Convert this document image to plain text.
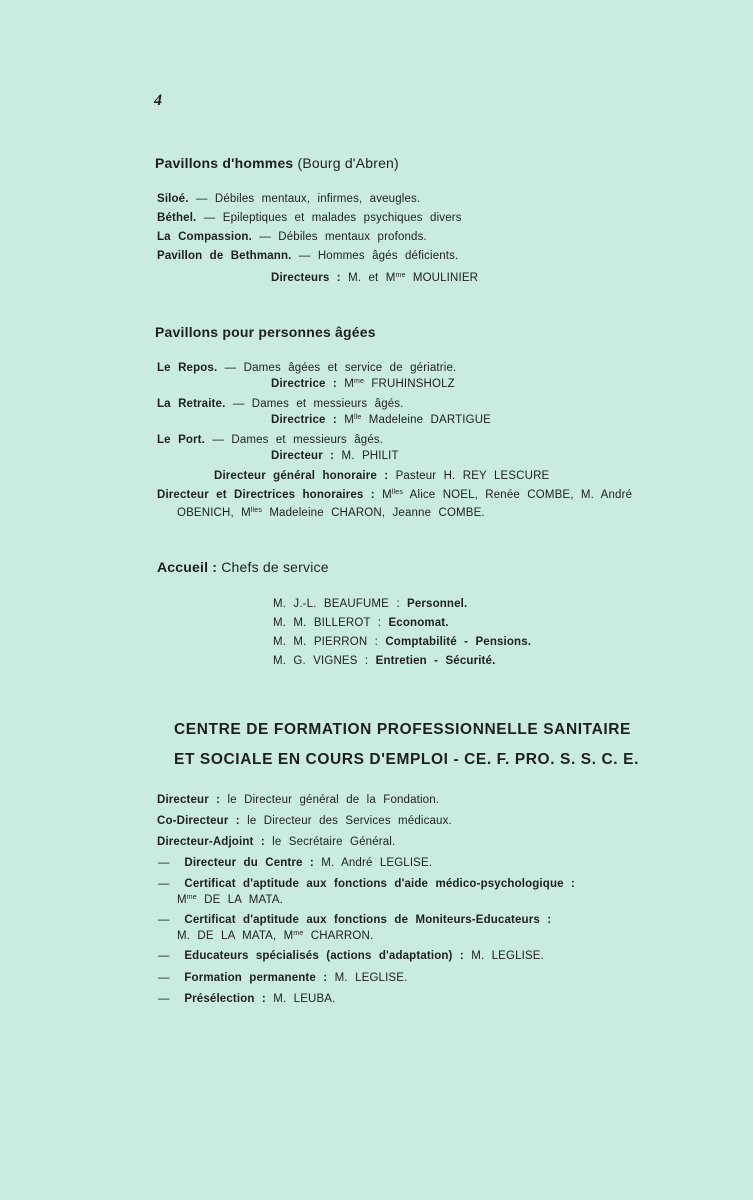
4
Pavillons d'hommes (Bourg d'Abren)
Siloé. — Débiles mentaux, infirmes, aveugles.
Béthel. — Epileptiques et malades psychiques divers
La Compassion. — Débiles mentaux profonds.
Pavillon de Bethmann. — Hommes âgés déficients.
Directeurs : M. et $M^{me}$ MOULINIER
Pavillons pour personnes âgées
Le Repos. — Dames âgées et service de gériatrie.
Directrice : $M^{me}$ FRUHINSHOLZ
La Retraite. — Dames et messieurs âgés.
Directrice : $M^{lle}$ Madeleine DARTIGUE
Le Port. — Dames et messieurs âgés.
Directeur : M. PHILIT
Directeur général honoraire : Pasteur H. REY LESCURE
Directeur et Directrices honoraires : $M^{lles}$ Alice NOEL, Renée COMBE, M. André
OBENICH, $M^{lles}$ Madeleine CHARON, Jeanne COMBE.
Accueil : Chefs de service
M. J.-L. BEAUFUME : Personnel.
M. M. BILLEROT : Economat.
M. M. PIERRON : Comptabilité - Pensions.
M. G. VIGNES : Entretien - Sécurité.
CENTRE DE FORMATION PROFESSIONNELLE SANITAIRE
ET SOCIALE EN COURS D'EMPLOI - CE. F. PRO. S. S. C. E.
Directeur : le Directeur général de la Fondation.
Co-Directeur : le Directeur des Services médicaux.
Directeur-Adjoint : le Secrétaire Général.
— Directeur du Centre : M. André LEGLISE.
— Certificat d'aptitude aux fonctions d'aide médico-psychologique :
$M^{me}$ DE LA MATA.
— Certificat d'aptitude aux fonctions de Moniteurs-Educateurs :
M. DE LA MATA, $M^{me}$ CHARRON.
— Educateurs spécialisés (actions d'adaptation) : M. LEGLISE.
— Formation permanente : M. LEGLISE.
— Présélection : M. LEUBA.
